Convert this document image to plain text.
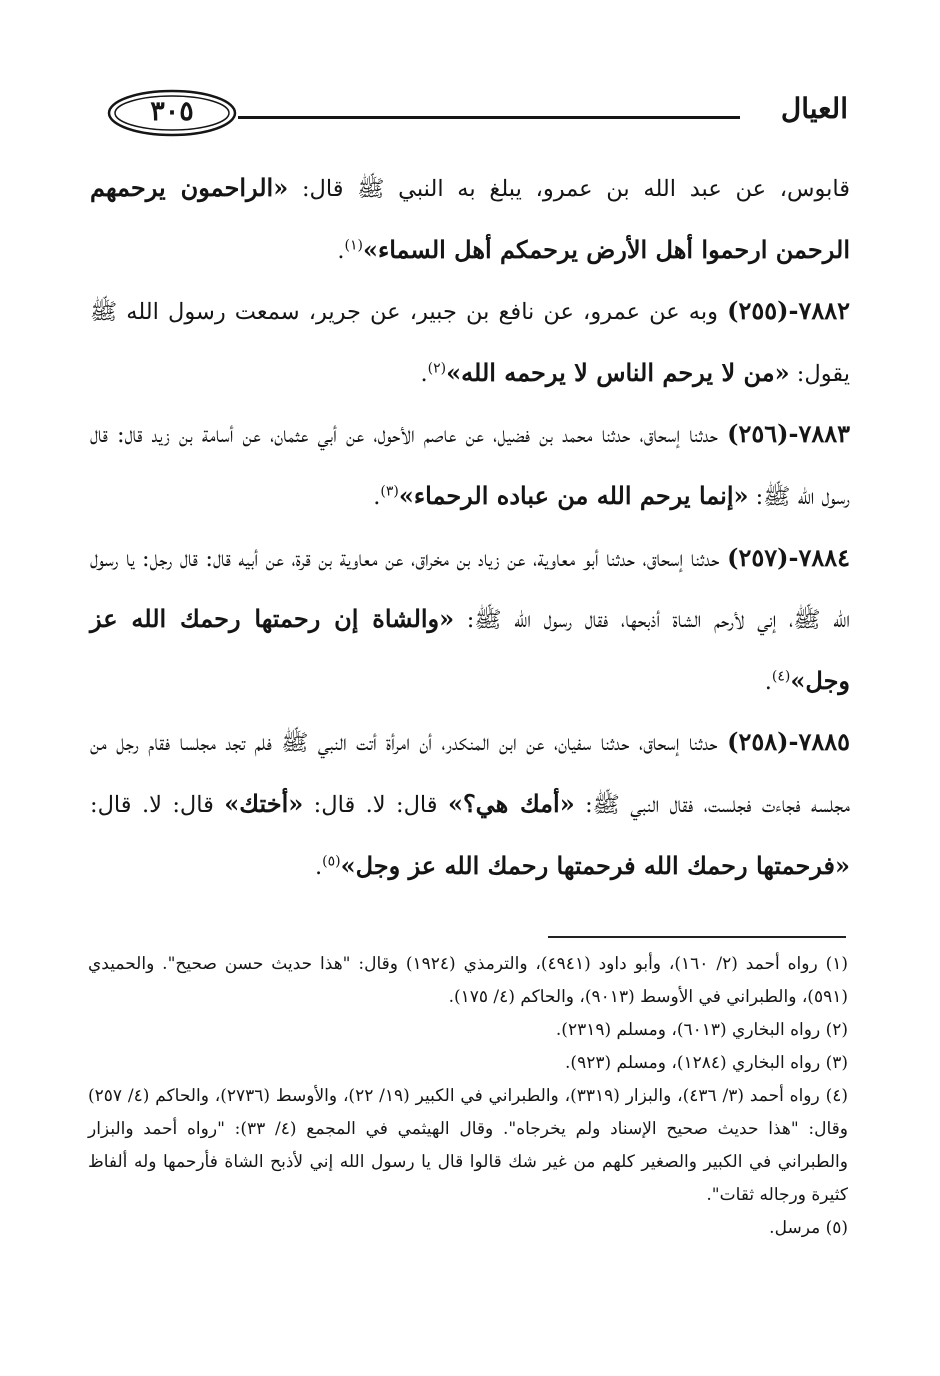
العيال
٣٠٥

قابوس، عن عبد الله بن عمرو، يبلغ به النبي ﷺ قال: «الراحمون يرحمهم الرحمن ارحموا أهل الأرض يرحمكم أهل السماء»$^{(١)}$.

٧٨٨٢-(٢٥٥) وبه عن عمرو، عن نافع بن جبير، عن جرير، سمعت رسول الله ﷺ يقول: «من لا يرحم الناس لا يرحمه الله»$^{(٢)}$.

٧٨٨٣-(٢٥٦) حدثنا إسحاق، حدثنا محمد بن فضيل، عن عاصم الأحول، عن أبي عثمان، عن أسامة بن زيد قال: قال رسول الله ﷺ: «إنما يرحم الله من عباده الرحماء»$^{(٣)}$.

٧٨٨٤-(٢٥٧) حدثنا إسحاق، حدثنا أبو معاوية، عن زياد بن مخراق، عن معاوية بن قرة، عن أبيه قال: قال رجل: يا رسول الله ﷺ، إني لأرحم الشاة أذبحها، فقال رسول الله ﷺ: «والشاة إن رحمتها رحمك الله عز وجل»$^{(٤)}$.

٧٨٨٥-(٢٥٨) حدثنا إسحاق، حدثنا سفيان، عن ابن المنكدر، أن امرأة أتت النبي ﷺ فلم تجد مجلسا فقام رجل من مجلسه فجاءت فجلست، فقال النبي ﷺ: «أمك هي؟» قال: لا. قال: «أختك» قال: لا. قال: «فرحمتها رحمك الله فرحمتها رحمك الله عز وجل»$^{(٥)}$.

(١) رواه أحمد (٢/ ١٦٠)، وأبو داود (٤٩٤١)، والترمذي (١٩٢٤) وقال: "هذا حديث حسن صحيح". والحميدي (٥٩١)، والطبراني في الأوسط (٩٠١٣)، والحاكم (٤/ ١٧٥).

(٢) رواه البخاري (٦٠١٣)، ومسلم (٢٣١٩).

(٣) رواه البخاري (١٢٨٤)، ومسلم (٩٢٣).

(٤) رواه أحمد (٣/ ٤٣٦)، والبزار (٣٣١٩)، والطبراني في الكبير (١٩/ ٢٢)، والأوسط (٢٧٣٦)، والحاكم (٤/ ٢٥٧) وقال: "هذا حديث صحيح الإسناد ولم يخرجاه". وقال الهيثمي في المجمع (٤/ ٣٣): "رواه أحمد والبزار والطبراني في الكبير والصغير كلهم من غير شك قالوا قال يا رسول الله إني لأذبح الشاة فأرحمها وله ألفاظ كثيرة ورجاله ثقات".

(٥) مرسل.
